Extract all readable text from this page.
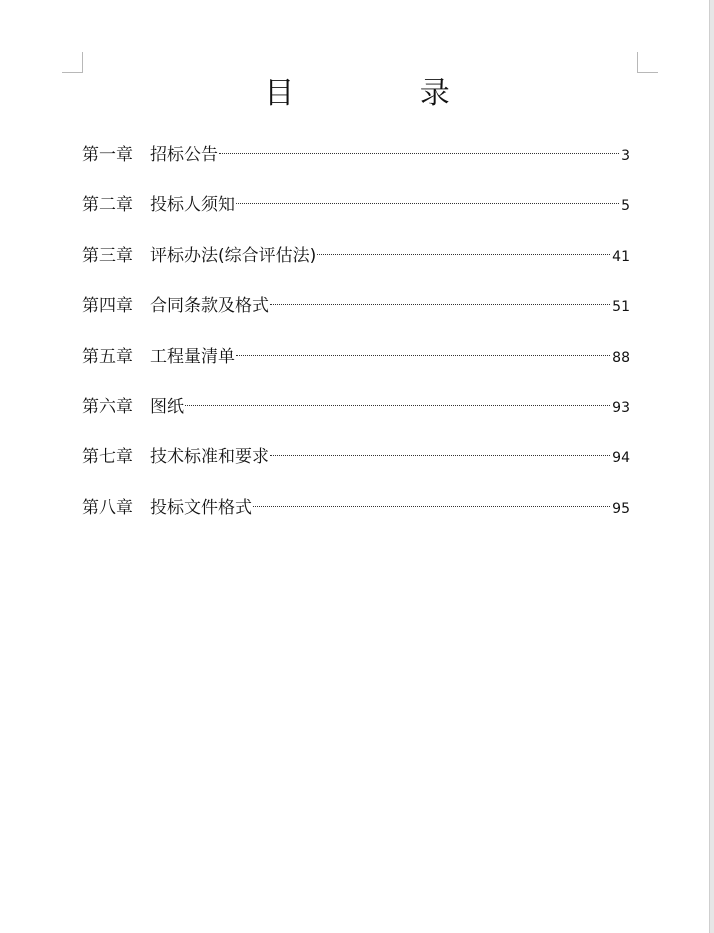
目 录
第一章	招标公告	3
第二章	投标人须知	5
第三章	评标办法(综合评估法)	41
第四章	合同条款及格式	51
第五章	工程量清单	88
第六章	图纸	93
第七章	技术标准和要求	94
第八章	投标文件格式	95
